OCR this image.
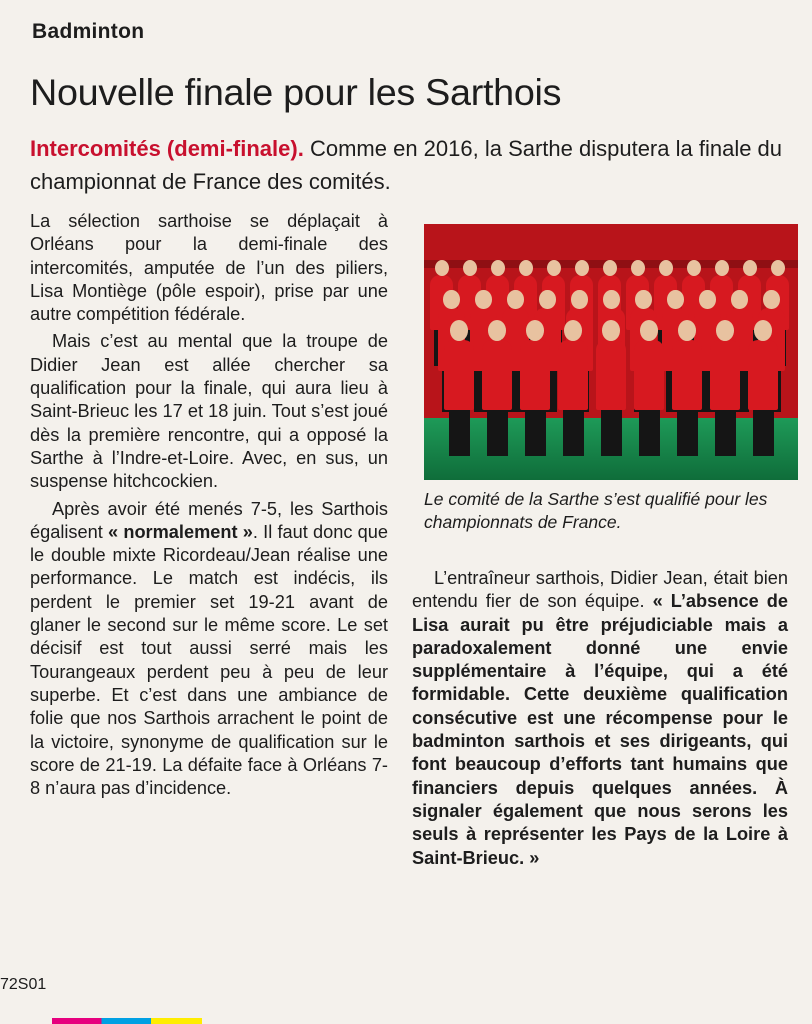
Badminton
Nouvelle finale pour les Sarthois
Intercomités (demi-finale). Comme en 2016, la Sarthe disputera la finale du championnat de France des comités.

La sélection sarthoise se déplaçait à Orléans pour la demi-finale des intercomités, amputée de l’un des piliers, Lisa Montiège (pôle espoir), prise par une autre compétition fédérale.

Mais c’est au mental que la troupe de Didier Jean est allée chercher sa qualification pour la finale, qui aura lieu à Saint-Brieuc les 17 et 18 juin. Tout s’est joué dès la première rencontre, qui a opposé la Sarthe à l’Indre-et-Loire. Avec, en sus, un suspense hitchcockien.

Après avoir été menés 7-5, les Sarthois égalisent « normalement ». Il faut donc que le double mixte Ricordeau/Jean réalise une performance. Le match est indécis, ils perdent le premier set 19-21 avant de glaner le second sur le même score. Le set décisif est tout aussi serré mais les Tourangeaux perdent peu à peu de leur superbe. Et c’est dans une ambiance de folie que nos Sarthois arrachent le point de la victoire, synonyme de qualification sur le score de 21-19. La défaite face à Orléans 7-8 n’aura pas d’incidence.

Le comité de la Sarthe s’est qualifié pour les championnats de France.

L’entraîneur sarthois, Didier Jean, était bien entendu fier de son équipe. « L’absence de Lisa aurait pu être préjudiciable mais a paradoxalement donné une envie supplémentaire à l’équipe, qui a été formidable. Cette deuxième qualification consécutive est une récompense pour le badminton sarthois et ses dirigeants, qui font beaucoup d’efforts tant humains que financiers depuis quelques années. À signaler également que nous serons les seuls à représenter les Pays de la Loire à Saint-Brieuc. »

72S01
